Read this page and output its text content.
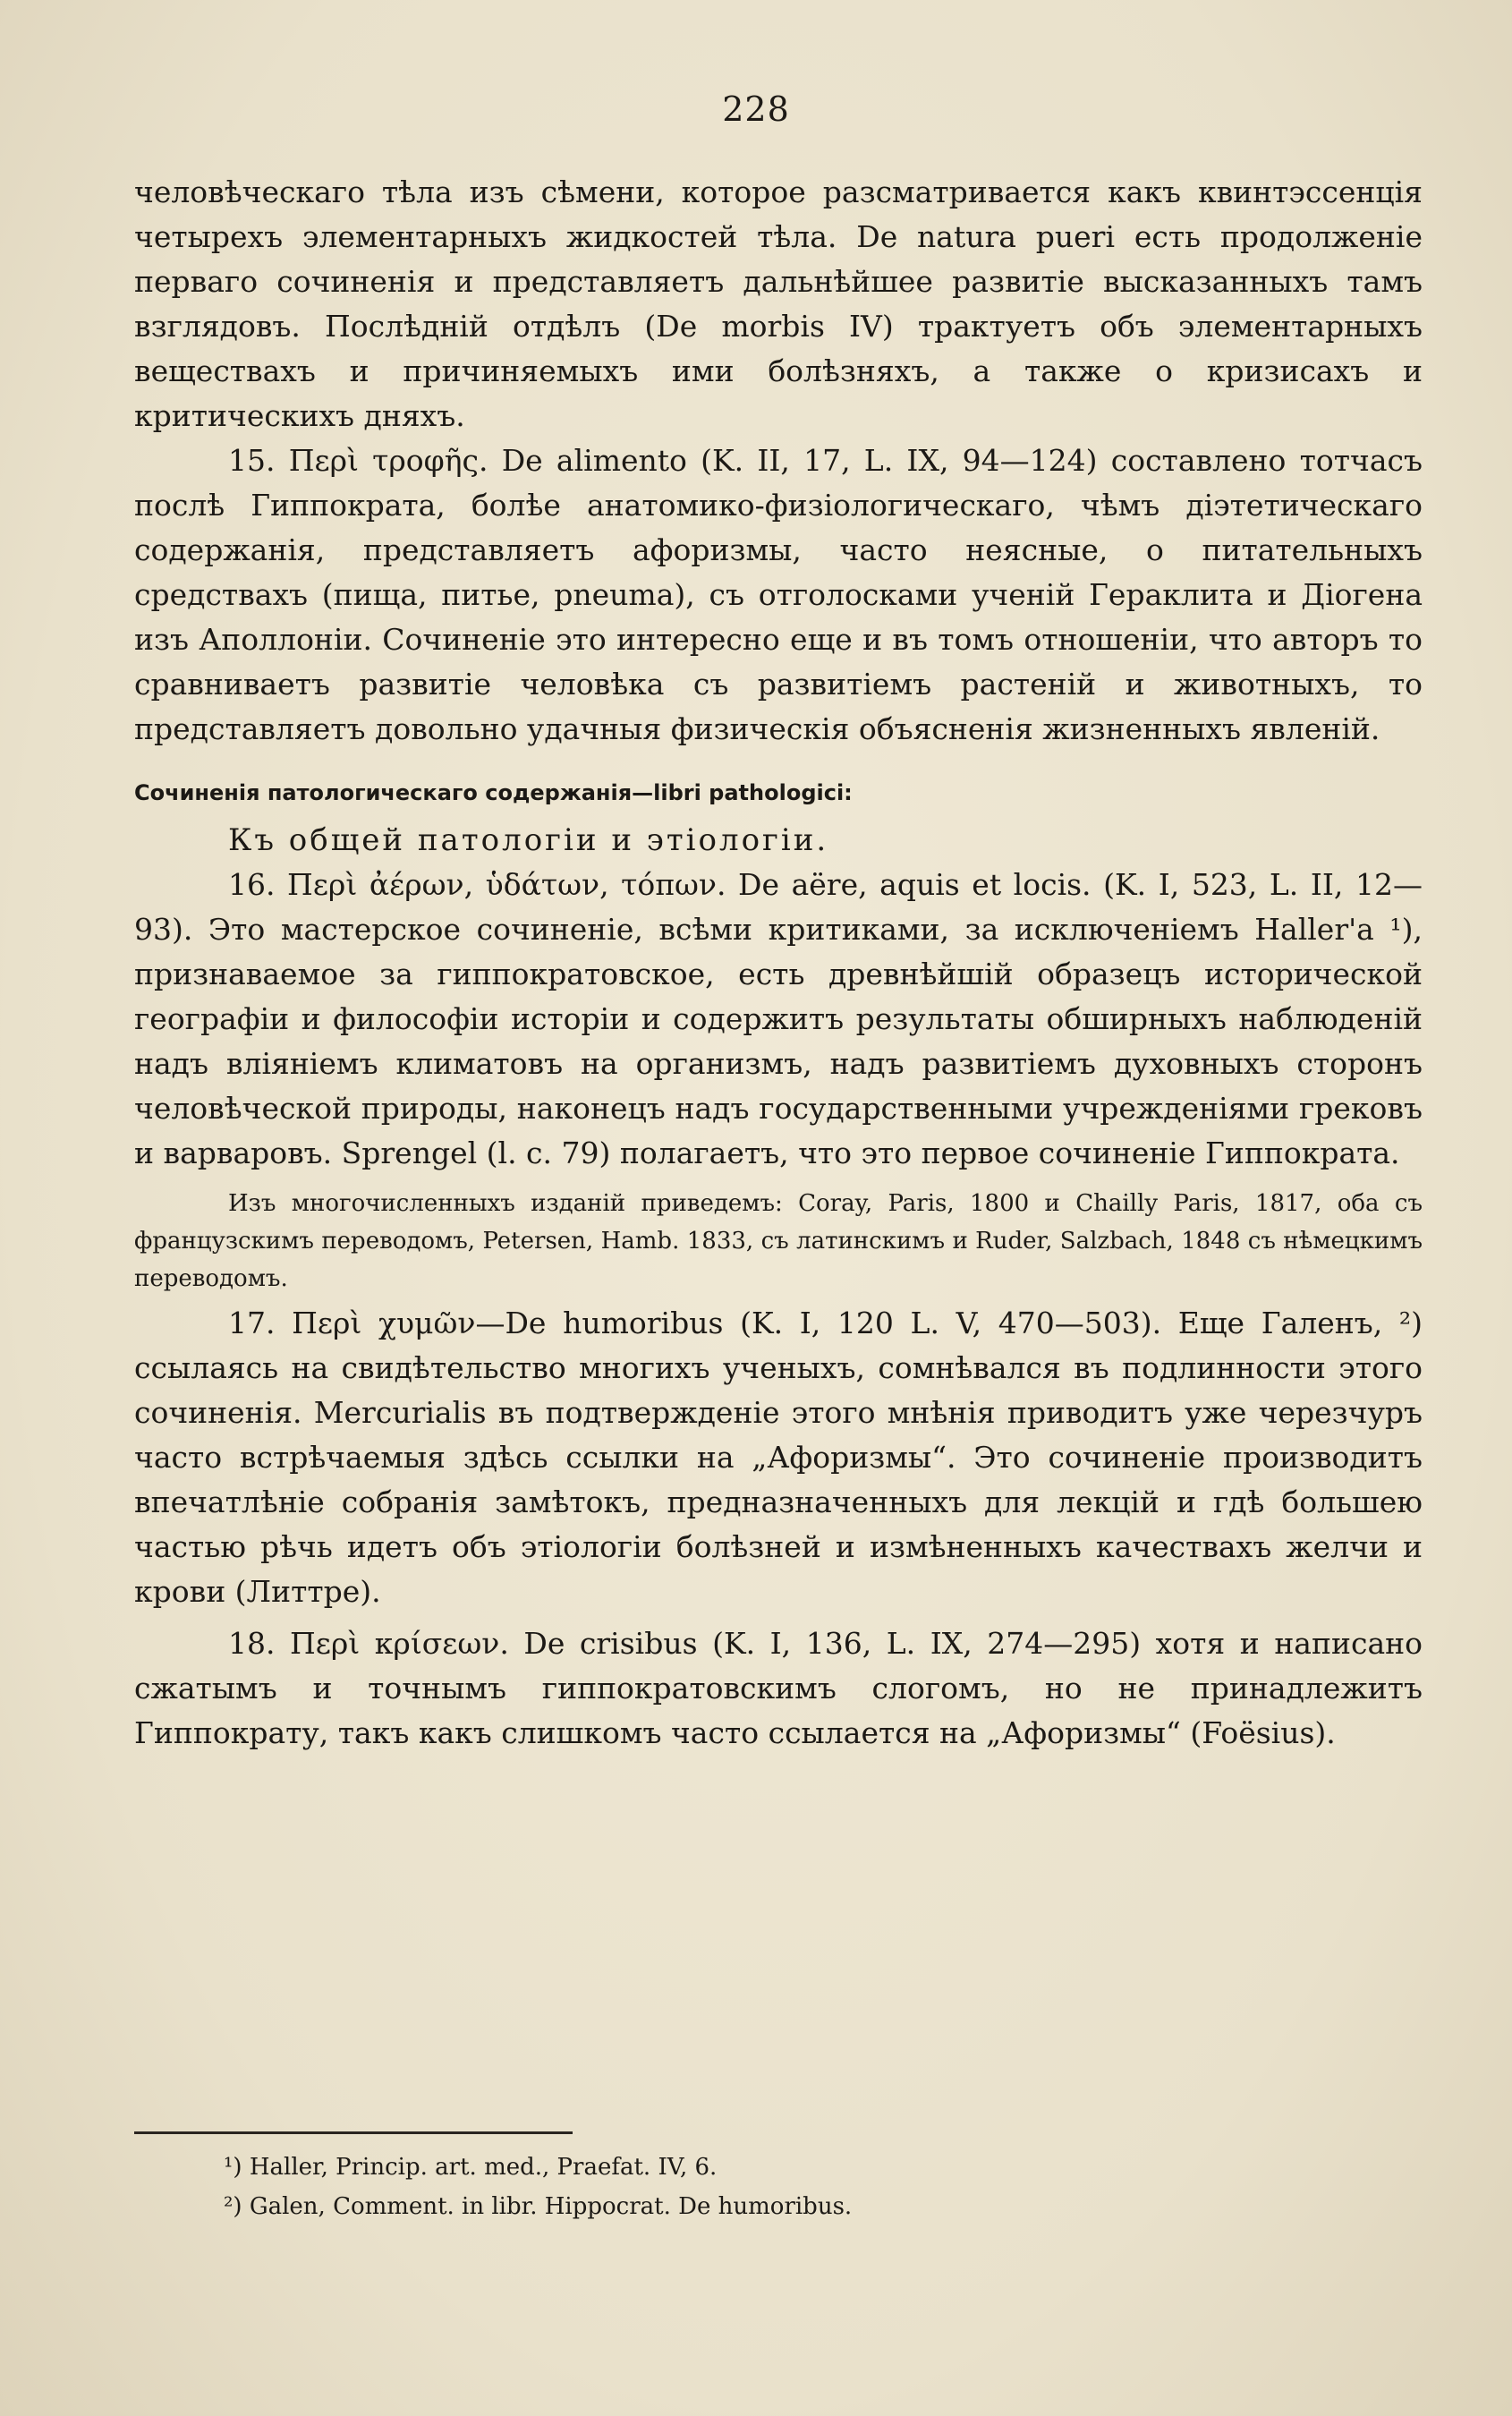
228

человѣческаго тѣла изъ сѣмени, которое разсматривается какъ квинтэссенція четырехъ элементарныхъ жидкостей тѣла. De natura pueri есть продолженіе перваго сочиненія и представляетъ дальнѣйшее развитіе высказанныхъ тамъ взглядовъ. Послѣдній отдѣлъ (De morbis IV) трактуетъ объ элементарныхъ веществахъ и причиняемыхъ ими болѣзняхъ, а также о кризисахъ и критическихъ дняхъ.

15. Περὶ τροφῆς. De alimento (K. II, 17, L. IX, 94—124) составлено тотчасъ послѣ Гиппократа, болѣе анатомико-физіологическаго, чѣмъ діэтетическаго содержанія, представляетъ афоризмы, часто неясные, о питательныхъ средствахъ (пища, питье, pneuma), съ отголосками ученій Гераклита и Діогена изъ Аполлоніи. Сочиненіе это интересно еще и въ томъ отношеніи, что авторъ то сравниваетъ развитіе человѣка съ развитіемъ растеній и животныхъ, то представляетъ довольно удачныя физическія объясненія жизненныхъ явленій.

Сочиненія патологическаго содержанія—libri pathologici:
Къ общей патологіи и этіологіи.

16. Περὶ ἀέρων, ὑδάτων, τόπων. De aëre, aquis et locis. (K. I, 523, L. II, 12—93). Это мастерское сочиненіе, всѣми критиками, за исключеніемъ Haller'а ¹), признаваемое за гиппократовское, есть древнѣйшій образецъ исторической географіи и философіи исторіи и содержитъ результаты обширныхъ наблюденій надъ вліяніемъ климатовъ на организмъ, надъ развитіемъ духовныхъ сторонъ человѣческой природы, наконецъ надъ государственными учрежденіями грековъ и варваровъ. Sprengel (l. c. 79) полагаетъ, что это первое сочиненіе Гиппократа.

Изъ многочисленныхъ изданій приведемъ: Coray, Paris, 1800 и Chailly Paris, 1817, оба съ французскимъ переводомъ, Petersen, Hamb. 1833, съ латинскимъ и Ruder, Salzbach, 1848 съ нѣмецкимъ переводомъ.

17. Περὶ χυμῶν—De humoribus (K. I, 120 L. V, 470—503). Еще Галенъ, ²) ссылаясь на свидѣтельство многихъ ученыхъ, сомнѣвался въ подлинности этого сочиненія. Mercurialis въ подтвержденіе этого мнѣнія приводитъ уже черезчуръ часто встрѣчаемыя здѣсь ссылки на „Афоризмы“. Это сочиненіе производитъ впечатлѣніе собранія замѣтокъ, предназначенныхъ для лекцій и гдѣ большею частью рѣчь идетъ объ этіологіи болѣзней и измѣненныхъ качествахъ желчи и крови (Литтре).

18. Περὶ κρίσεων. De crisibus (K. I, 136, L. IX, 274—295) хотя и написано сжатымъ и точнымъ гиппократовскимъ слогомъ, но не принадлежитъ Гиппократу, такъ какъ слишкомъ часто ссылается на „Афоризмы“ (Foësius).

¹) Haller, Princip. art. med., Praefat. IV, 6.

²) Galen, Comment. in libr. Hippocrat. De humoribus.
